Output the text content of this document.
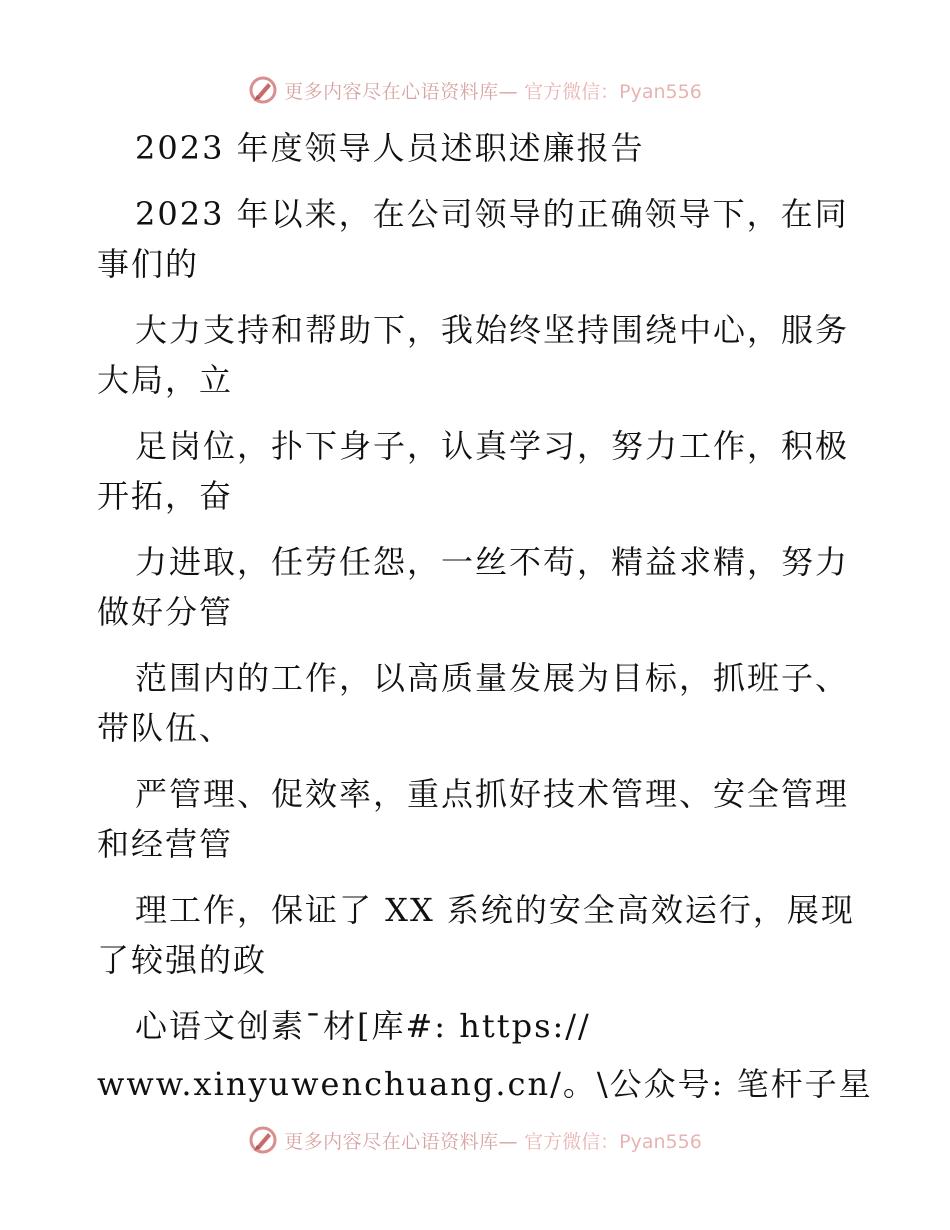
更多内容尽在心语资料库— 官方微信：Pyan556
2023 年度领导人员述职述廉报告
2023 年以来，在公司领导的正确领导下，在同
事们的
大力支持和帮助下，我始终坚持围绕中心，服务
大局，立
足岗位，扑下身子，认真学习，努力工作，积极
开拓，奋
力进取，任劳任怨，一丝不苟，精益求精，努力
做好分管
范围内的工作，以高质量发展为目标，抓班子、
带队伍、
严管理、促效率，重点抓好技术管理、安全管理
和经营管
理工作，保证了 XX 系统的安全高效运行，展现
了较强的政
心语文创素¯材[库#: https://
www.xinyuwenchuang.cn/。\公众号: 笔杆子星
更多内容尽在心语资料库— 官方微信：Pyan556
